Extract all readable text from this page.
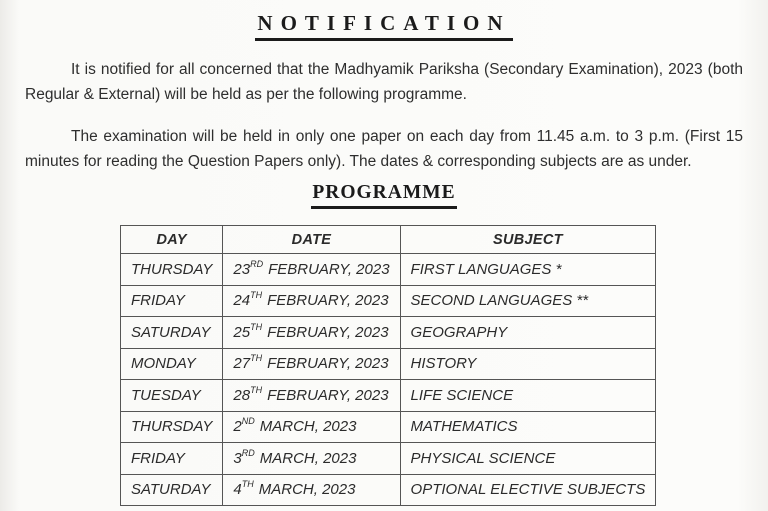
NOTIFICATION

It is notified for all concerned that the Madhyamik Pariksha (Secondary Examination), 2023 (both Regular & External) will be held as per the following programme.

The examination will be held in only one paper on each day from 11.45 a.m. to 3 p.m. (First 15 minutes for reading the Question Papers only). The dates & corresponding subjects are as under.

PROGRAMME
DAY	DATE	SUBJECT
THURSDAY	23RD FEBRUARY, 2023	FIRST LANGUAGES *
FRIDAY	24TH FEBRUARY, 2023	SECOND LANGUAGES **
SATURDAY	25TH FEBRUARY, 2023	GEOGRAPHY
MONDAY	27TH FEBRUARY, 2023	HISTORY
TUESDAY	28TH FEBRUARY, 2023	LIFE SCIENCE
THURSDAY	2ND MARCH, 2023	MATHEMATICS
FRIDAY	3RD MARCH, 2023	PHYSICAL SCIENCE
SATURDAY	4TH MARCH, 2023	OPTIONAL ELECTIVE SUBJECTS
